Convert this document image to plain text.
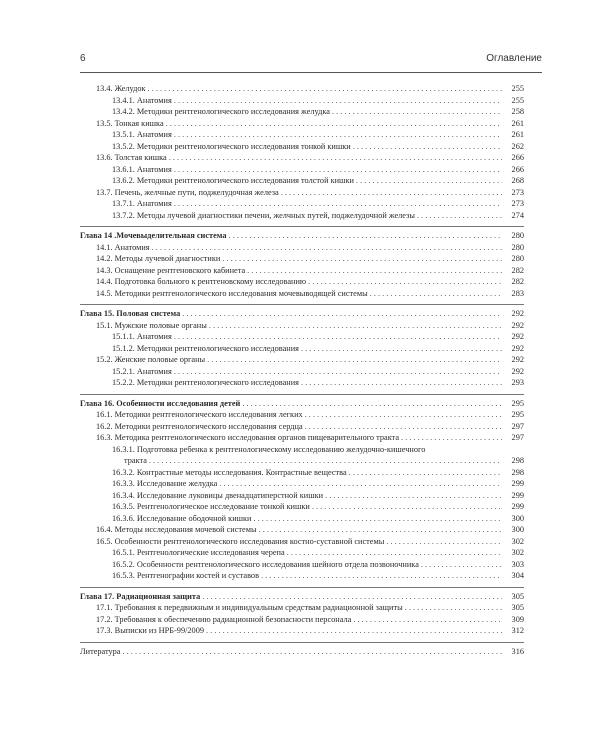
6	Оглавление
13.4. Желудок . . .	255
13.4.1. Анатомия . . .	255
13.4.2. Методики рентгенологического исследования желудка . . .	258
13.5. Тонкая кишка . . .	261
13.5.1. Анатомия . . .	261
13.5.2. Методики рентгенологического исследования тонкой кишки . . .	262
13.6. Толстая кишка . . .	266
13.6.1. Анатомия . . .	266
13.6.2. Методики рентгенологического исследования толстой кишки . . .	268
13.7. Печень, желчные пути, поджелудочная железа . . .	273
13.7.1. Анатомия . . .	273
13.7.2. Методы лучевой диагностики печени, желчных путей, поджелудочной железы . . .	274
Глава 14 .Мочевыделительная система . . .	280
14.1. Анатомия . . .	280
14.2. Методы лучевой диагностики . . .	280
14.3. Оснащение рентгеновского кабинета . . .	282
14.4. Подготовка больного к рентгеновскому исследованию . . .	282
14.5. Методики рентгенологического исследования мочевыводящей системы . . .	283
Глава 15. Половая система . . .	292
15.1. Мужские половые органы . . .	292
15.1.1. Анатомия . . .	292
15.1.2. Методики рентгенологического исследования . . .	292
15.2. Женские половые органы . . .	292
15.2.1. Анатомия . . .	292
15.2.2. Методики рентгенологического исследования . . .	293
Глава 16. Особенности исследования детей . . .	295
16.1. Методики рентгенологического исследования легких . . .	295
16.2. Методики рентгенологического исследования сердца . . .	297
16.3. Методика рентгенологического исследования органов пищеварительного тракта . . .	297
16.3.1. Подготовка ребенка к рентгенологическому исследованию желудочно-кишечного
тракта . . .	298
16.3.2. Контрастные методы исследования. Контрастные вещества . . .	298
16.3.3. Исследование желудка . . .	299
16.3.4. Исследование луковицы двенадцатиперстной кишки . . .	299
16.3.5. Рентгенологическое исследование тонкой кишки . . .	299
16.3.6. Исследование ободочной кишки . . .	300
16.4. Методы исследования мочевой системы . . .	300
16.5. Особенности рентгенологического исследования костно-суставной системы . . .	302
16.5.1. Рентгенологические исследования черепа . . .	302
16.5.2. Особенности рентгенологического исследования шейного отдела позвоночника . . .	303
16.5.3. Рентгенографии костей и суставов . . .	304
Глава 17. Радиационная защита . . .	305
17.1. Требования к передвижным и индивидуальным средствам радиационной защиты . . .	305
17.2. Требования к обеспечению радиационной безопасности персонала . . .	309
17.3. Выписки из НРБ-99/2009 . . .	312
Литература . . .	316
